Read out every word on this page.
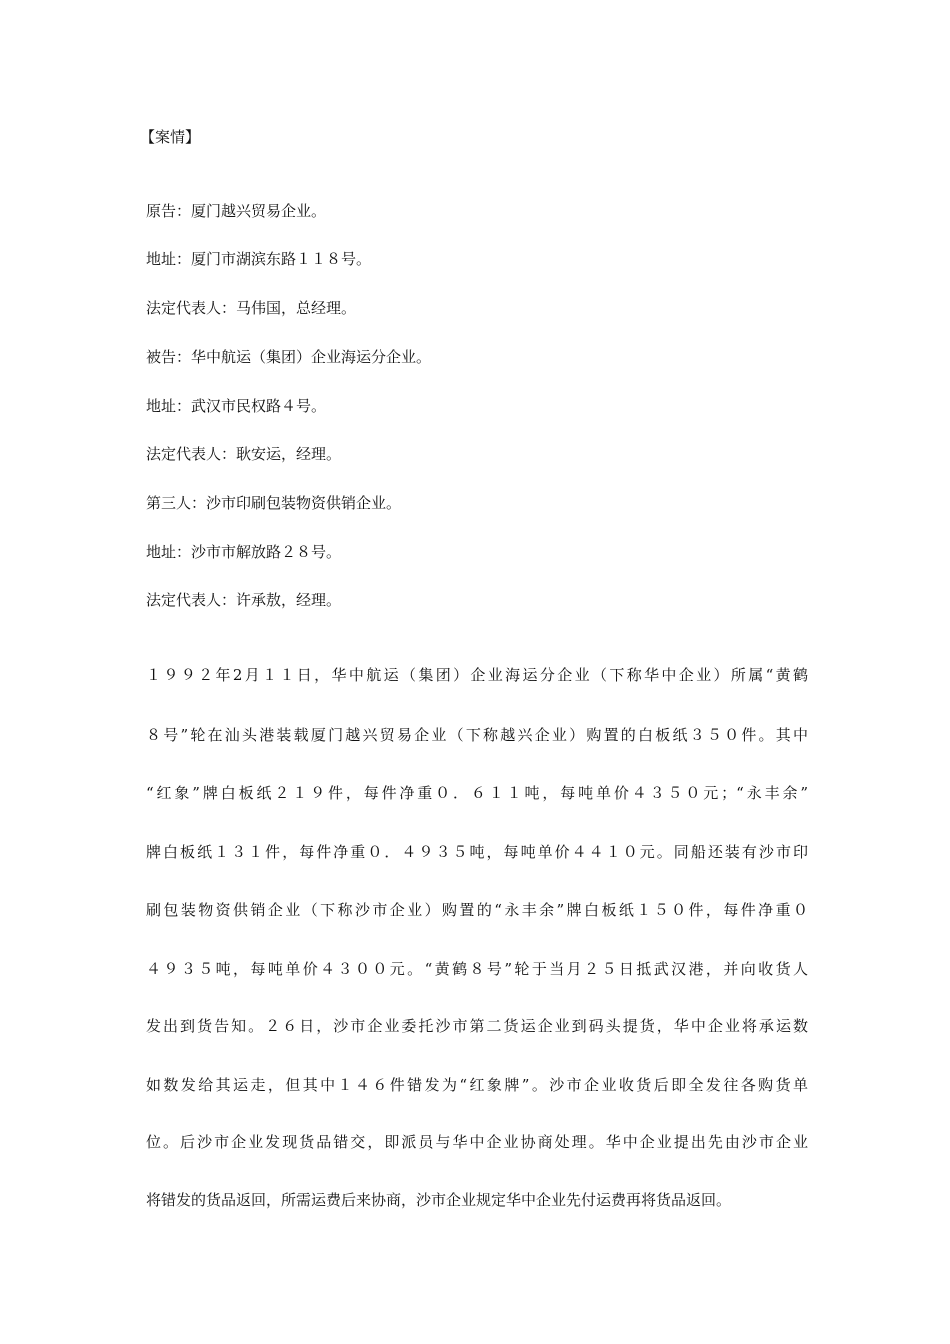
【案情】
原告：厦门越兴贸易企业。
地址：厦门市湖滨东路１１８号。
法定代表人：马伟国，总经理。
被告：华中航运（集团）企业海运分企业。
地址：武汉市民权路４号。
法定代表人：耿安运，经理。
第三人：沙市印刷包装物资供销企业。
地址：沙市市解放路２８号。
法定代表人：许承敖，经理。
１９９２年2月１１日，华中航运（集团）企业海运分企业（下称华中企业）所属“黄鹤
８号”轮在汕头港装载厦门越兴贸易企业（下称越兴企业）购置的白板纸３５０件。其中
“红象”牌白板纸２１９件，每件净重０．６１１吨，每吨单价４３５０元；“永丰余”
牌白板纸１３１件，每件净重０．４９３５吨，每吨单价４４１０元。同船还装有沙市印
刷包装物资供销企业（下称沙市企业）购置的“永丰余”牌白板纸１５０件，每件净重０
４９３５吨，每吨单价４３００元。“黄鹤８号”轮于当月２５日抵武汉港，并向收货人
发出到货告知。２６日，沙市企业委托沙市第二货运企业到码头提货，华中企业将承运数
如数发给其运走，但其中１４６件错发为“红象牌”。沙市企业收货后即全发往各购货单
位。后沙市企业发现货品错交，即派员与华中企业协商处理。华中企业提出先由沙市企业
将错发的货品返回，所需运费后来协商，沙市企业规定华中企业先付运费再将货品返回。
